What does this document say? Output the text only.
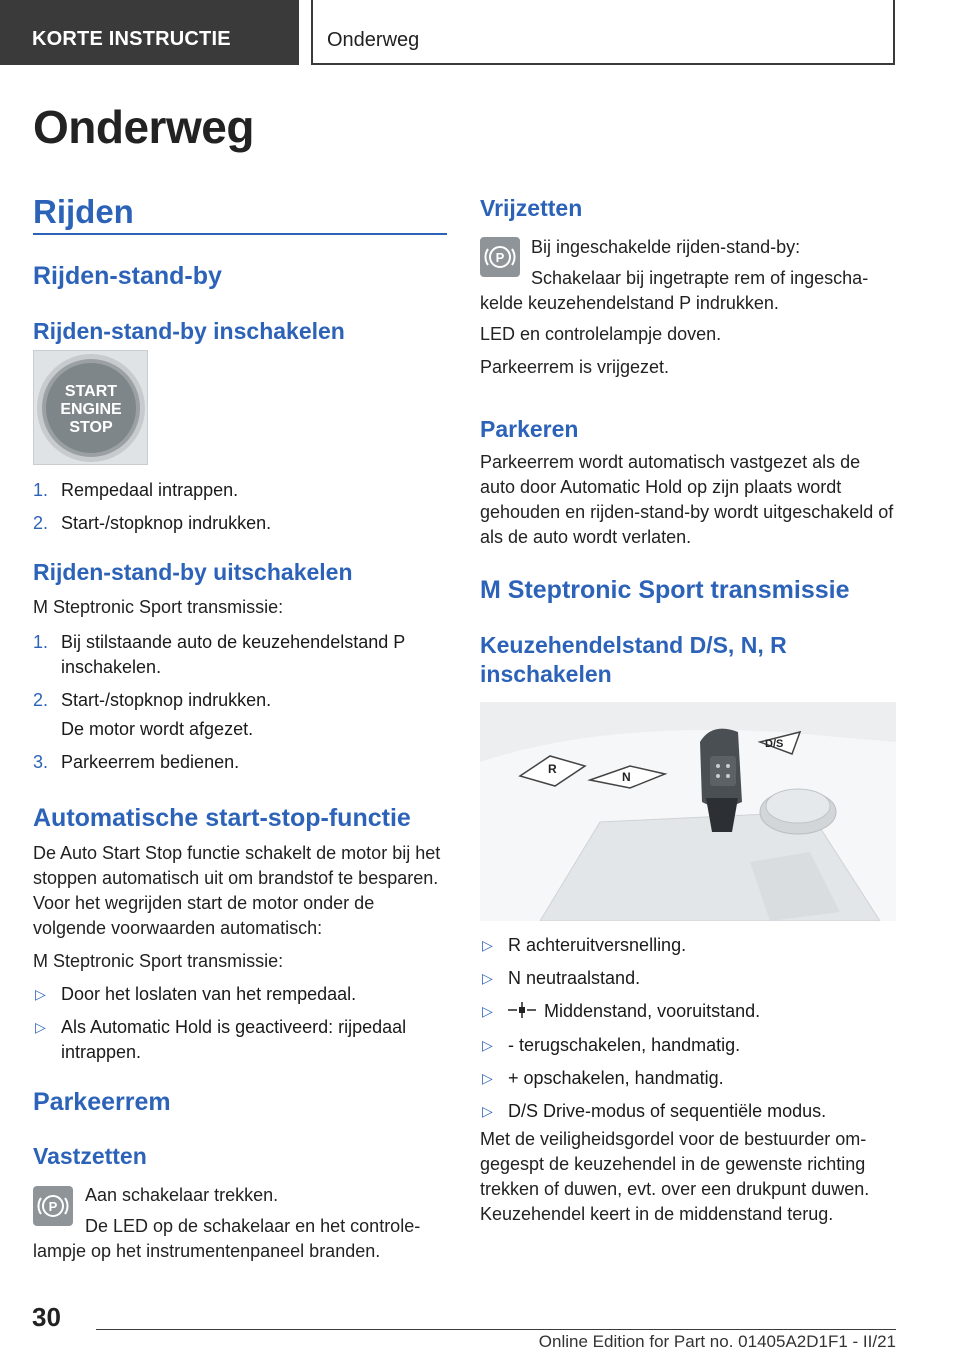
KORTE INSTRUCTIE	Onderweg
Onderweg
Rijden
Rijden-stand-by
Rijden-stand-by inschakelen
START
ENGINE
STOP
1. Rempedaal intrappen.
2. Start-/stopknop indrukken.
Rijden-stand-by uitschakelen
M Steptronic Sport transmissie:
1. Bij stilstaande auto de keuzehendelstand P inschakelen.
2. Start-/stopknop indrukken.
De motor wordt afgezet.
3. Parkeerrem bedienen.
Automatische start-stop-functie

De Auto Start Stop functie schakelt de motor bij het stoppen automatisch uit om brandstof te besparen. Voor het wegrijden start de motor onder de volgende voorwaarden automatisch:

M Steptronic Sport transmissie:
▷ Door het loslaten van het rempedaal.
▷ Als Automatic Hold is geactiveerd: rijpedaal intrappen.
Parkeerrem
Vastzetten
P
Aan schakelaar trekken.

De LED op de schakelaar en het controlelampje op het instrumentenpaneel branden.

Vrijzetten
P
Bij ingeschakelde rijden-stand-by:

Schakelaar bij ingetrapte rem of ingeschakelde keuzehendelstand P indrukken.

LED en controlelampje doven.
Parkeerrem is vrijgezet.
Parkeren

Parkeerrem wordt automatisch vastgezet als de auto door Automatic Hold op zijn plaats wordt gehouden en rijden-stand-by wordt uitgeschakeld of als de auto wordt verlaten.

M Steptronic Sport transmissie
Keuzehendelstand D/S, N, R inschakelen
R
N
D/S
▷ R achteruitversnelling.
▷ N neutraalstand.
▷	Middenstand, vooruitstand.
▷ - terugschakelen, handmatig.
▷ + opschakelen, handmatig.
▷ D/S Drive-modus of sequentiële modus.

Met de veiligheidsgordel voor de bestuurder omgegespt de keuzehendel in de gewenste richting trekken of duwen, evt. over een drukpunt duwen. Keuzehendel keert in de middenstand terug.

30
Online Edition for Part no. 01405A2D1F1 - II/21
